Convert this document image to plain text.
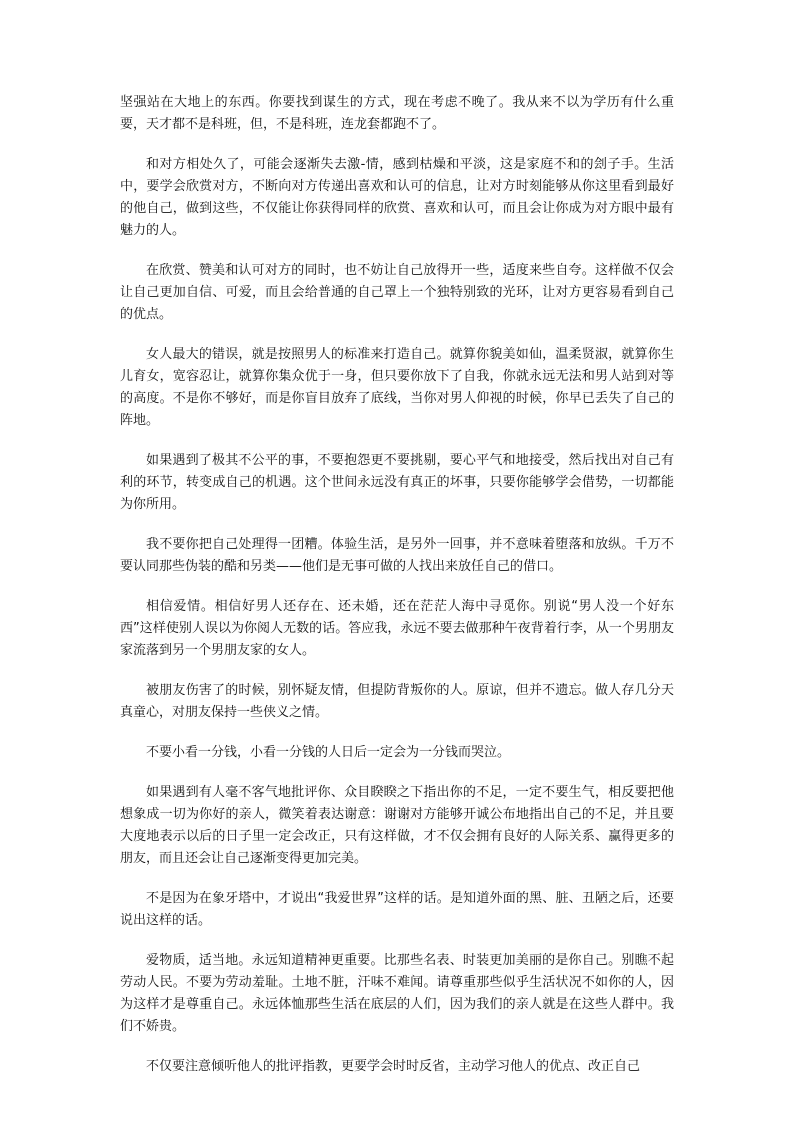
坚强站在大地上的东西。你要找到谋生的方式，现在考虑不晚了。我从来不以为学历有什么重要，天才都不是科班，但，不是科班，连龙套都跑不了。

和对方相处久了，可能会逐渐失去激-情，感到枯燥和平淡，这是家庭不和的刽子手。生活中，要学会欣赏对方，不断向对方传递出喜欢和认可的信息，让对方时刻能够从你这里看到最好的他自己，做到这些，不仅能让你获得同样的欣赏、喜欢和认可，而且会让你成为对方眼中最有魅力的人。

在欣赏、赞美和认可对方的同时，也不妨让自己放得开一些，适度来些自夸。这样做不仅会让自己更加自信、可爱，而且会给普通的自己罩上一个独特别致的光环，让对方更容易看到自己的优点。

女人最大的错误，就是按照男人的标准来打造自己。就算你貌美如仙，温柔贤淑，就算你生儿育女，宽容忍让，就算你集众优于一身，但只要你放下了自我，你就永远无法和男人站到对等的高度。不是你不够好，而是你盲目放弃了底线，当你对男人仰视的时候，你早已丢失了自己的阵地。

如果遇到了极其不公平的事，不要抱怨更不要挑剔，要心平气和地接受，然后找出对自己有利的环节，转变成自己的机遇。这个世间永远没有真正的坏事，只要你能够学会借势，一切都能为你所用。

我不要你把自己处理得一团糟。体验生活，是另外一回事，并不意味着堕落和放纵。千万不要认同那些伪装的酷和另类——他们是无事可做的人找出来放任自己的借口。

相信爱情。相信好男人还存在、还未婚，还在茫茫人海中寻觅你。别说“男人没一个好东西”这样使别人误以为你阅人无数的话。答应我，永远不要去做那种午夜背着行李，从一个男朋友家流落到另一个男朋友家的女人。

被朋友伤害了的时候，别怀疑友情，但提防背叛你的人。原谅，但并不遗忘。做人存几分天真童心，对朋友保持一些侠义之情。

不要小看一分钱，小看一分钱的人日后一定会为一分钱而哭泣。

如果遇到有人毫不客气地批评你、众目睽睽之下指出你的不足，一定不要生气，相反要把他想象成一切为你好的亲人，微笑着表达谢意：谢谢对方能够开诚公布地指出自己的不足，并且要大度地表示以后的日子里一定会改正，只有这样做，才不仅会拥有良好的人际关系、赢得更多的朋友，而且还会让自己逐渐变得更加完美。

不是因为在象牙塔中，才说出“我爱世界”这样的话。是知道外面的黑、脏、丑陋之后，还要说出这样的话。

爱物质，适当地。永远知道精神更重要。比那些名表、时装更加美丽的是你自己。别瞧不起劳动人民。不要为劳动羞耻。土地不脏，汗味不难闻。请尊重那些似乎生活状况不如你的人，因为这样才是尊重自己。永远体恤那些生活在底层的人们，因为我们的亲人就是在这些人群中。我们不娇贵。

不仅要注意倾听他人的批评指教，更要学会时时反省，主动学习他人的优点、改正自己
